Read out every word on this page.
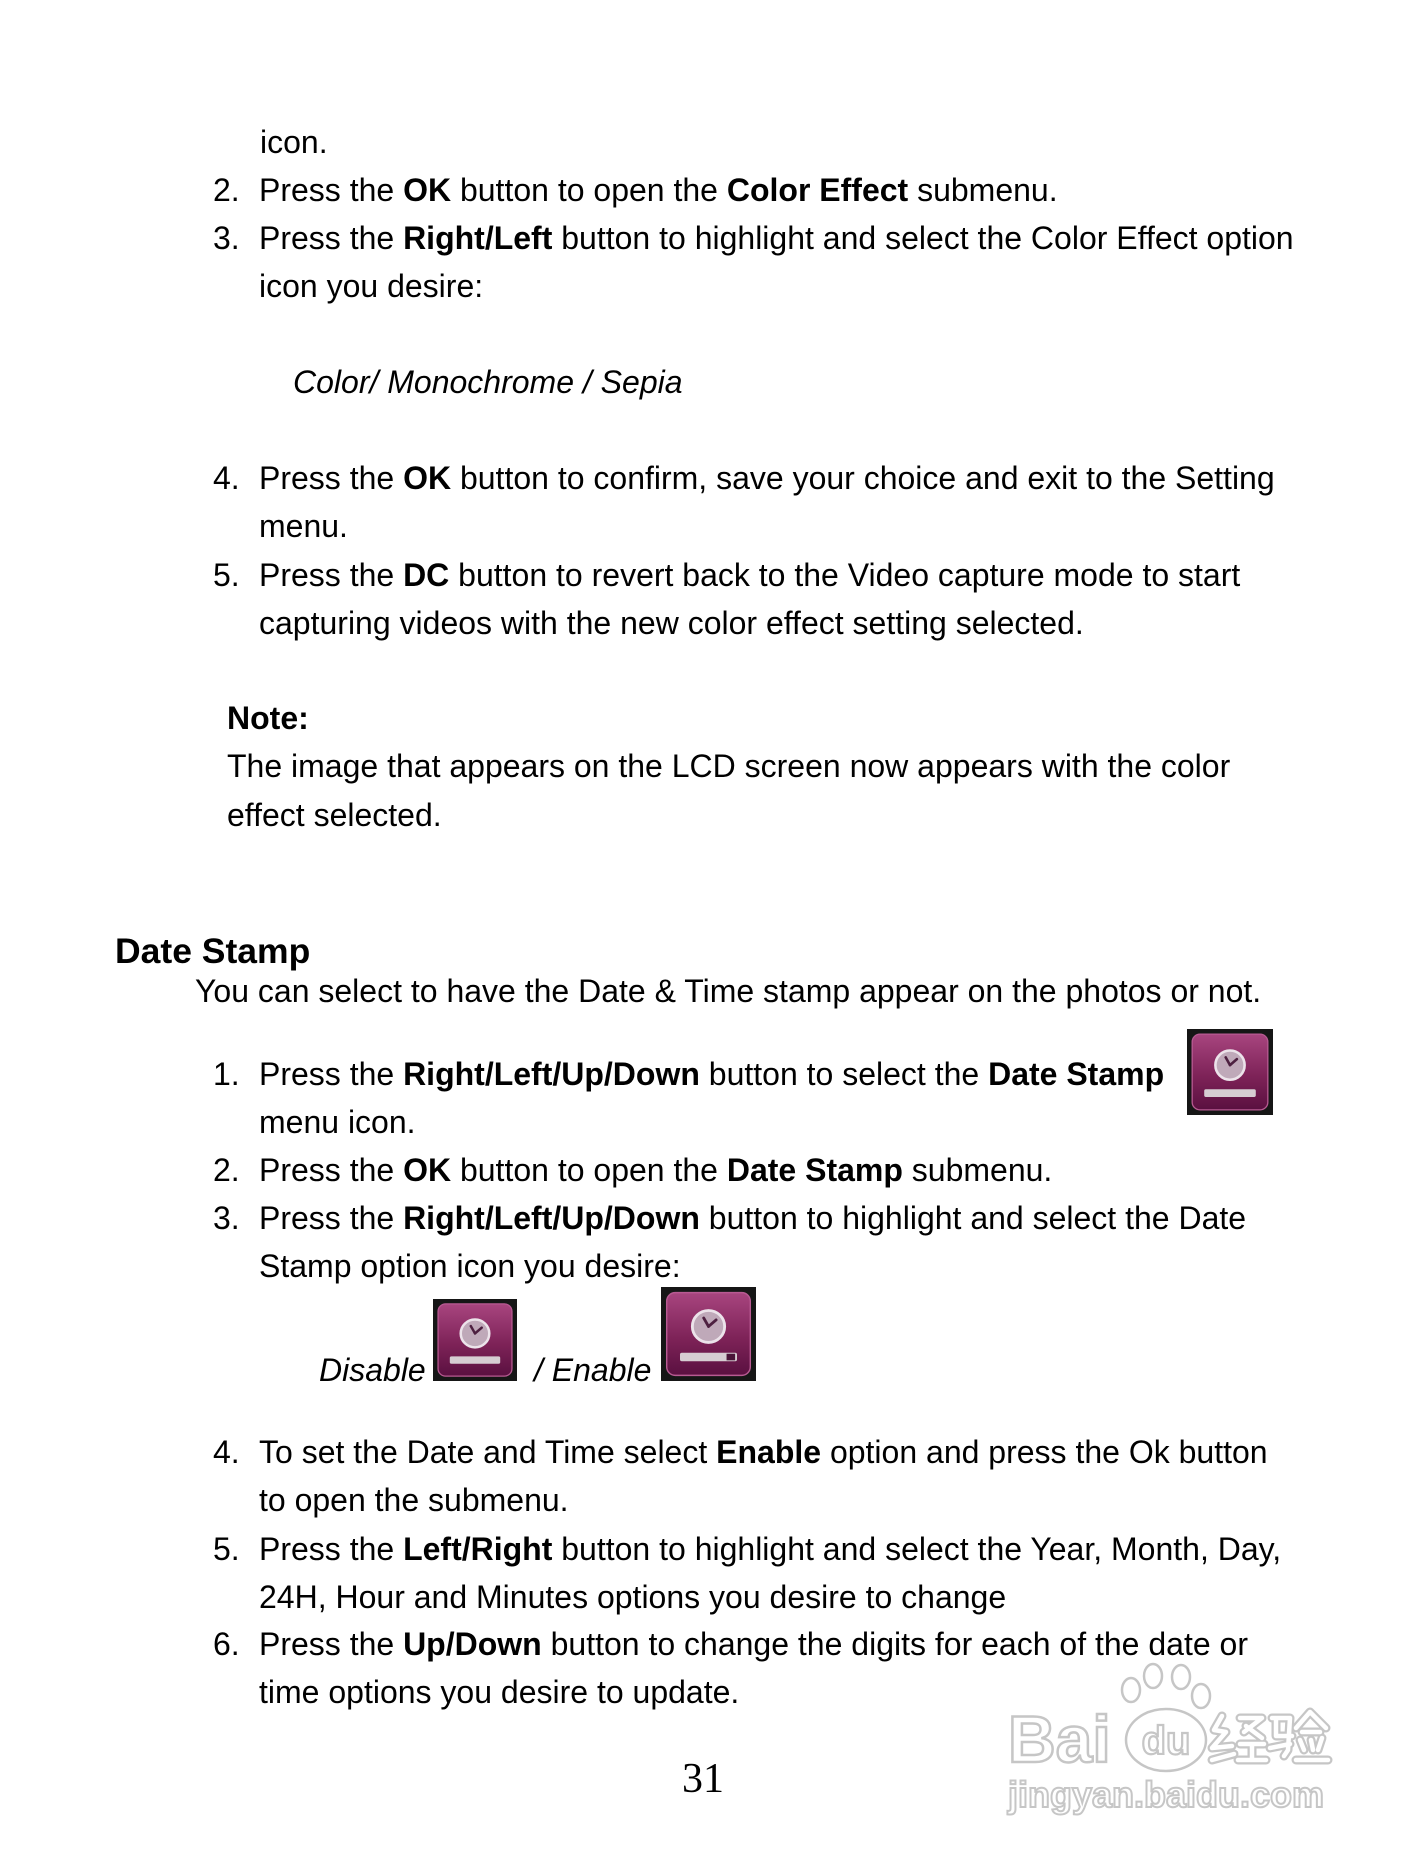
icon.
2. Press the OK button to open the Color Effect submenu.
3. Press the Right/Left button to highlight and select the Color Effect option
icon you desire:
Color/ Monochrome / Sepia
4. Press the OK button to confirm, save your choice and exit to the Setting
menu.
5. Press the DC button to revert back to the Video capture mode to start
capturing videos with the new color effect setting selected.
Note:
The image that appears on the LCD screen now appears with the color
effect selected.
Date Stamp
You can select to have the Date & Time stamp appear on the photos or not.
1. Press the Right/Left/Up/Down button to select the Date Stamp
menu icon.
2. Press the OK button to open the Date Stamp submenu.
3. Press the Right/Left/Up/Down button to highlight and select the Date
Stamp option icon you desire:
Disable	/ Enable
4. To set the Date and Time select Enable option and press the Ok button
to open the submenu.
5. Press the Left/Right button to highlight and select the Year, Month, Day,
24H, Hour and Minutes options you desire to change
6. Press the Up/Down button to change the digits for each of the date or
time options you desire to update.
31
Bai du
jingyan.baidu.com
